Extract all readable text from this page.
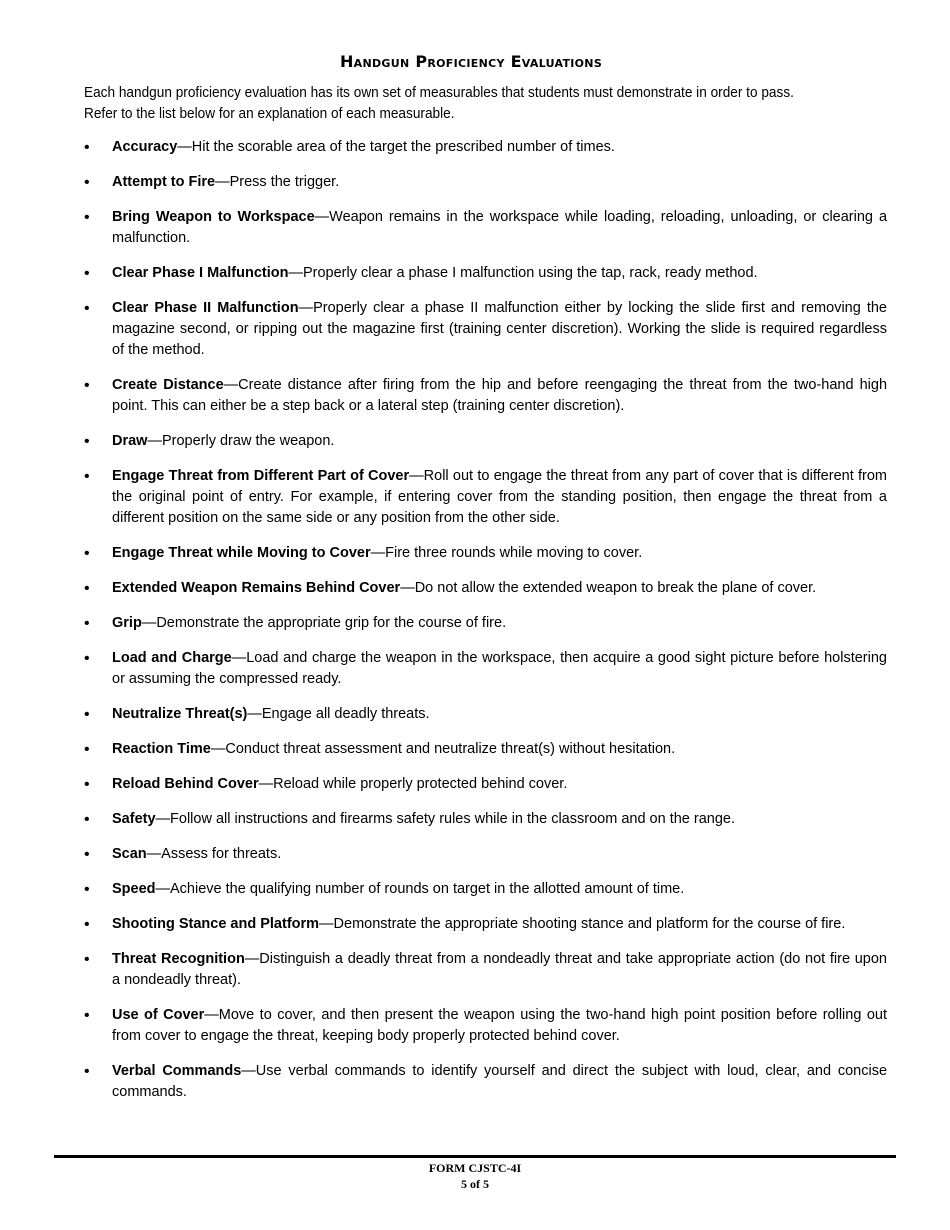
Handgun Proficiency Evaluations

Each handgun proficiency evaluation has its own set of measurables that students must demonstrate in order to pass. Refer to the list below for an explanation of each measurable.

• Accuracy—Hit the scorable area of the target the prescribed number of times.
• Attempt to Fire—Press the trigger.
• Bring Weapon to Workspace—Weapon remains in the workspace while loading, reloading, unloading, or clearing a malfunction.
• Clear Phase I Malfunction—Properly clear a phase I malfunction using the tap, rack, ready method.
• Clear Phase II Malfunction—Properly clear a phase II malfunction either by locking the slide first and removing the magazine second, or ripping out the magazine first (training center discretion). Working the slide is required regardless of the method.
• Create Distance—Create distance after firing from the hip and before reengaging the threat from the two-hand high point. This can either be a step back or a lateral step (training center discretion).
• Draw—Properly draw the weapon.
• Engage Threat from Different Part of Cover—Roll out to engage the threat from any part of cover that is different from the original point of entry. For example, if entering cover from the standing position, then engage the threat from a different position on the same side or any position from the other side.
• Engage Threat while Moving to Cover—Fire three rounds while moving to cover.
• Extended Weapon Remains Behind Cover—Do not allow the extended weapon to break the plane of cover.
• Grip—Demonstrate the appropriate grip for the course of fire.
• Load and Charge—Load and charge the weapon in the workspace, then acquire a good sight picture before holstering or assuming the compressed ready.
• Neutralize Threat(s)—Engage all deadly threats.
• Reaction Time—Conduct threat assessment and neutralize threat(s) without hesitation.
• Reload Behind Cover—Reload while properly protected behind cover.
• Safety—Follow all instructions and firearms safety rules while in the classroom and on the range.
• Scan—Assess for threats.
• Speed—Achieve the qualifying number of rounds on target in the allotted amount of time.
• Shooting Stance and Platform—Demonstrate the appropriate shooting stance and platform for the course of fire.
• Threat Recognition—Distinguish a deadly threat from a nondeadly threat and take appropriate action (do not fire upon a nondeadly threat).
• Use of Cover—Move to cover, and then present the weapon using the two-hand high point position before rolling out from cover to engage the threat, keeping body properly protected behind cover.
• Verbal Commands—Use verbal commands to identify yourself and direct the subject with loud, clear, and concise commands.
FORM CJSTC-4I
5 of 5
